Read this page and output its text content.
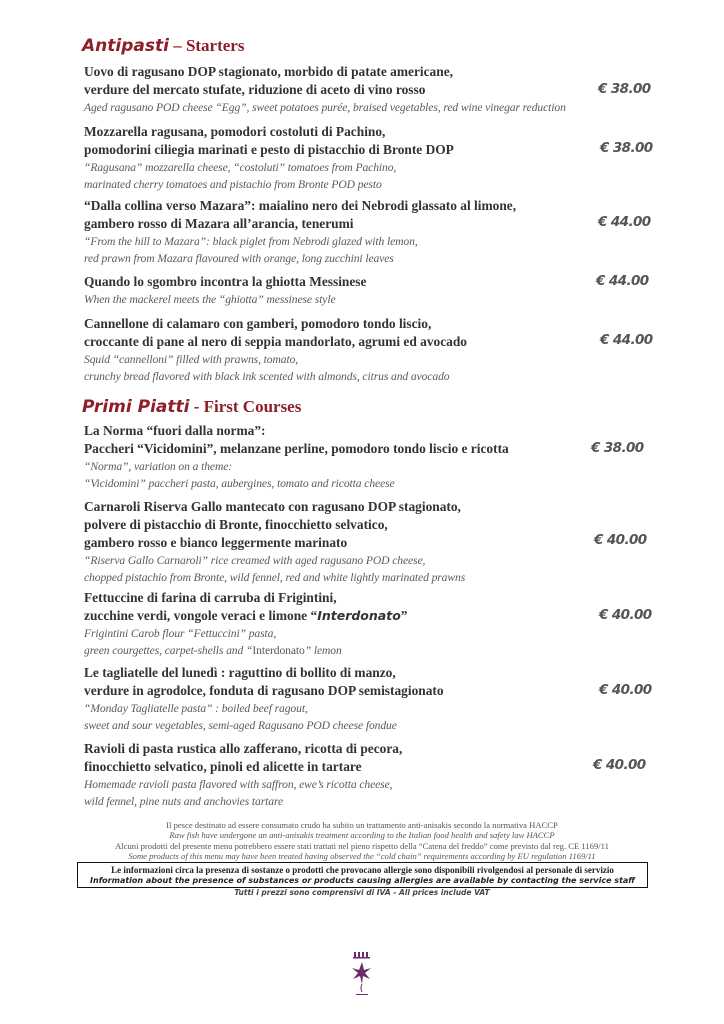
Antipasti – Starters
Uovo di ragusano DOP stagionato, morbido di patate americane,
verdure del mercato stufate, riduzione di aceto di vino rosso
Aged ragusano POD cheese “Egg”, sweet potatoes purée, braised vegetables, red wine vinegar reduction
€ 38.00
Mozzarella ragusana, pomodori costoluti di Pachino,
pomodorini ciliegia marinati e pesto di pistacchio di Bronte DOP
“Ragusana” mozzarella cheese, “costoluti” tomatoes from Pachino,
marinated cherry tomatoes and pistachio from Bronte POD pesto
€ 38.00
“Dalla collina verso Mazara”: maialino nero dei Nebrodi glassato al limone,
gambero rosso di Mazara all’arancia, tenerumi
“From the hill to Mazara”: black piglet from Nebrodi glazed with lemon,
red prawn from Mazara flavoured with orange, long zucchini leaves
€ 44.00
Quando lo sgombro incontra la ghiotta Messinese
When the mackerel meets the “ghiotta” messinese style
€ 44.00
Cannellone di calamaro con gamberi, pomodoro tondo liscio,
croccante di pane al nero di seppia mandorlato, agrumi ed avocado
Squid “cannelloni” filled with prawns, tomato,
crunchy bread flavored with black ink scented with almonds, citrus and avocado
€ 44.00
Primi Piatti - First Courses
La Norma “fuori dalla norma”:
Paccheri “Vicidomini”, melanzane perline, pomodoro tondo liscio e ricotta
“Norma”, variation on a theme:
“Vicidomini” paccheri pasta, aubergines, tomato and ricotta cheese
€ 38.00
Carnaroli Riserva Gallo mantecato con ragusano DOP stagionato,
polvere di pistacchio di Bronte, finocchietto selvatico,
gambero rosso e bianco leggermente marinato
“Riserva Gallo Carnaroli” rice creamed with aged ragusano POD cheese,
chopped pistachio from Bronte, wild fennel, red and white lightly marinated prawns
€ 40.00
Fettuccine di farina di carruba di Frigintini,
zucchine verdi, vongole veraci e limone “Interdonato”
Frigintini Carob flour “Fettuccini” pasta,
green courgettes, carpet-shells and “Interdonato” lemon
€ 40.00
Le tagliatelle del lunedì : raguttino di bollito di manzo,
verdure in agrodolce, fonduta di ragusano DOP semistagionato
“Monday Tagliatelle pasta” : boiled beef ragout,
sweet and sour vegetables, semi-aged Ragusano POD cheese fondue
€ 40.00
Ravioli di pasta rustica allo zafferano, ricotta di pecora,
finocchietto selvatico, pinoli ed alicette in tartare
Homemade ravioli pasta flavored with saffron, ewe’s ricotta cheese,
wild fennel, pine nuts and anchovies tartare
€ 40.00
Il pesce destinato ad essere consumato crudo ha subito un trattamento anti-anisakis secondo la normativa HACCP
Raw fish have undergone an anti-anisakis treatment according to the Italian food health and safety law HACCP
Alcuni prodotti del presente menu potrebbero essere stati trattati nel pieno rispetto della “Catena del freddo” come previsto dal reg. CE 1169/11
Some products of this menu may have been treated having observed the “cold chain” requirements according by EU regulation 1169/11
Le informazioni circa la presenza di sostanze o prodotti che provocano allergie sono disponibili rivolgendosi al personale di servizio
Information about the presence of substances or products causing allergies are available by contacting the service staff
Tutti i prezzi sono comprensivi di IVA - All prices include VAT
